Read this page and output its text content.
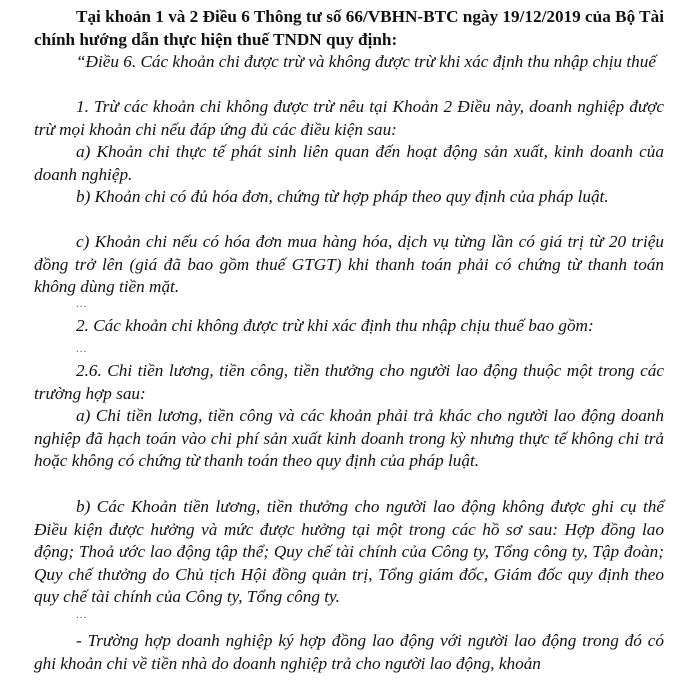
Tại khoản 1 và 2 Điều 6 Thông tư số 66/VBHN-BTC ngày 19/12/2019 của Bộ Tài chính hướng dẫn thực hiện thuế TNDN quy định:

“Điều 6. Các khoản chi được trừ và không được trừ khi xác định thu nhập chịu thuế

1. Trừ các khoản chi không được trừ nêu tại Khoản 2 Điều này, doanh nghiệp được trừ mọi khoản chi nếu đáp ứng đủ các điều kiện sau:

a) Khoản chi thực tế phát sinh liên quan đến hoạt động sản xuất, kinh doanh của doanh nghiệp.

b) Khoản chi có đủ hóa đơn, chứng từ hợp pháp theo quy định của pháp luật.

c) Khoản chi nếu có hóa đơn mua hàng hóa, dịch vụ từng lần có giá trị từ 20 triệu đồng trở lên (giá đã bao gồm thuế GTGT) khi thanh toán phải có chứng từ thanh toán không dùng tiền mặt.

...

2. Các khoản chi không được trừ khi xác định thu nhập chịu thuế bao gồm:

...

2.6. Chi tiền lương, tiền công, tiền thưởng cho người lao động thuộc một trong các trường hợp sau:

a) Chi tiền lương, tiền công và các khoản phải trả khác cho người lao động doanh nghiệp đã hạch toán vào chi phí sản xuất kinh doanh trong kỳ nhưng thực tế không chi trả hoặc không có chứng từ thanh toán theo quy định của pháp luật.

b) Các Khoản tiền lương, tiền thưởng cho người lao động không được ghi cụ thể Điều kiện được hưởng và mức được hưởng tại một trong các hồ sơ sau: Hợp đồng lao động; Thoả ước lao động tập thể; Quy chế tài chính của Công ty, Tổng công ty, Tập đoàn; Quy chế thưởng do Chủ tịch Hội đồng quản trị, Tổng giám đốc, Giám đốc quy định theo quy chế tài chính của Công ty, Tổng công ty.

...

- Trường hợp doanh nghiệp ký hợp đồng lao động với người lao động trong đó có ghi khoản chi về tiền nhà do doanh nghiệp trả cho người lao động, khoản
